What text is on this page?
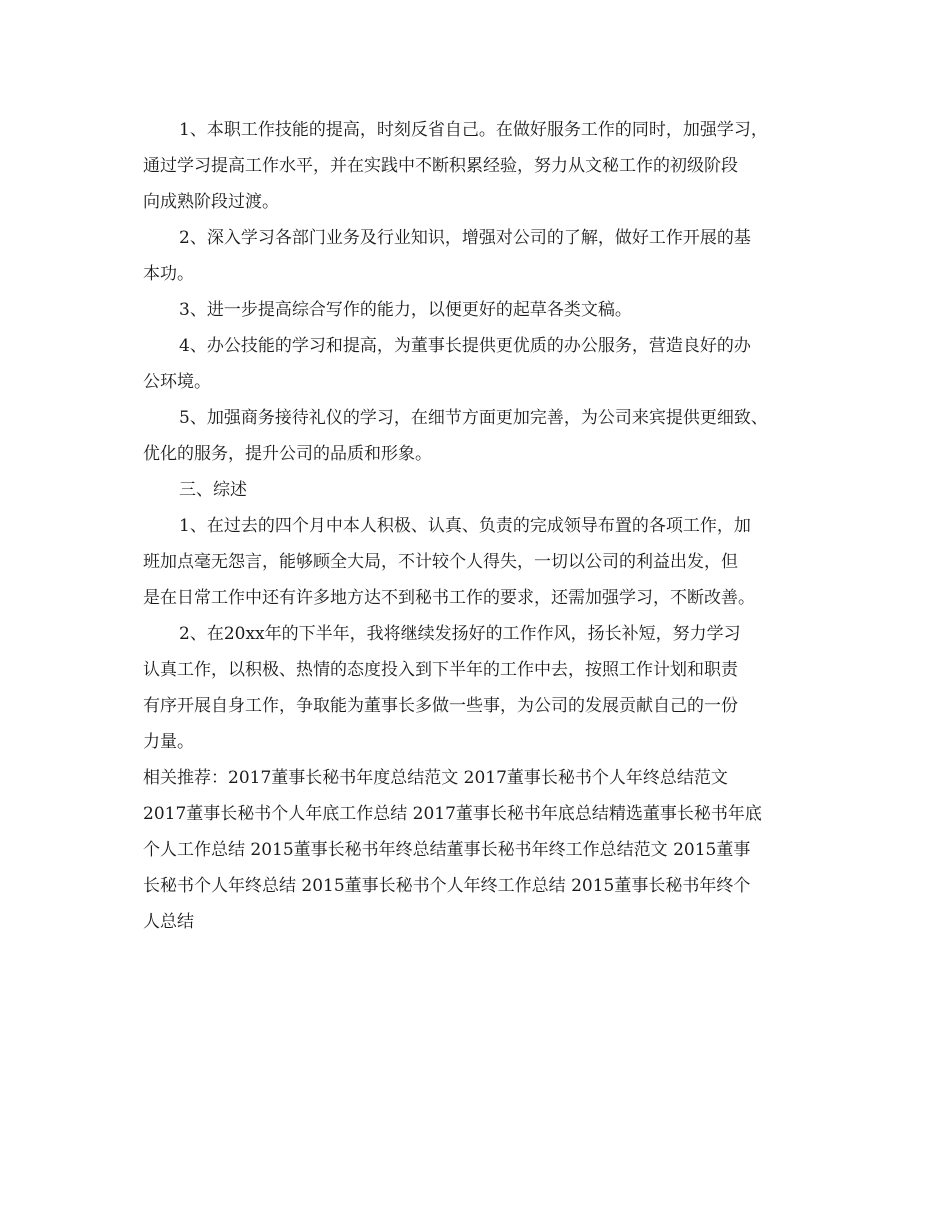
1、本职工作技能的提高，时刻反省自己。在做好服务工作的同时，加强学习，
通过学习提高工作水平，并在实践中不断积累经验，努力从文秘工作的初级阶段
向成熟阶段过渡。
2、深入学习各部门业务及行业知识，增强对公司的了解，做好工作开展的基
本功。
3、进一步提高综合写作的能力，以便更好的起草各类文稿。
4、办公技能的学习和提高，为董事长提供更优质的办公服务，营造良好的办
公环境。
5、加强商务接待礼仪的学习，在细节方面更加完善，为公司来宾提供更细致、
优化的服务，提升公司的品质和形象。
三、综述
1、在过去的四个月中本人积极、认真、负责的完成领导布置的各项工作，加
班加点毫无怨言，能够顾全大局，不计较个人得失，一切以公司的利益出发，但
是在日常工作中还有许多地方达不到秘书工作的要求，还需加强学习，不断改善。
2、在20xx年的下半年，我将继续发扬好的工作作风，扬长补短，努力学习
认真工作，以积极、热情的态度投入到下半年的工作中去，按照工作计划和职责
有序开展自身工作，争取能为董事长多做一些事，为公司的发展贡献自己的一份
力量。
相关推荐：2017董事长秘书年度总结范文 2017董事长秘书个人年终总结范文
2017董事长秘书个人年底工作总结 2017董事长秘书年底总结精选董事长秘书年底
个人工作总结 2015董事长秘书年终总结董事长秘书年终工作总结范文 2015董事
长秘书个人年终总结 2015董事长秘书个人年终工作总结 2015董事长秘书年终个
人总结
